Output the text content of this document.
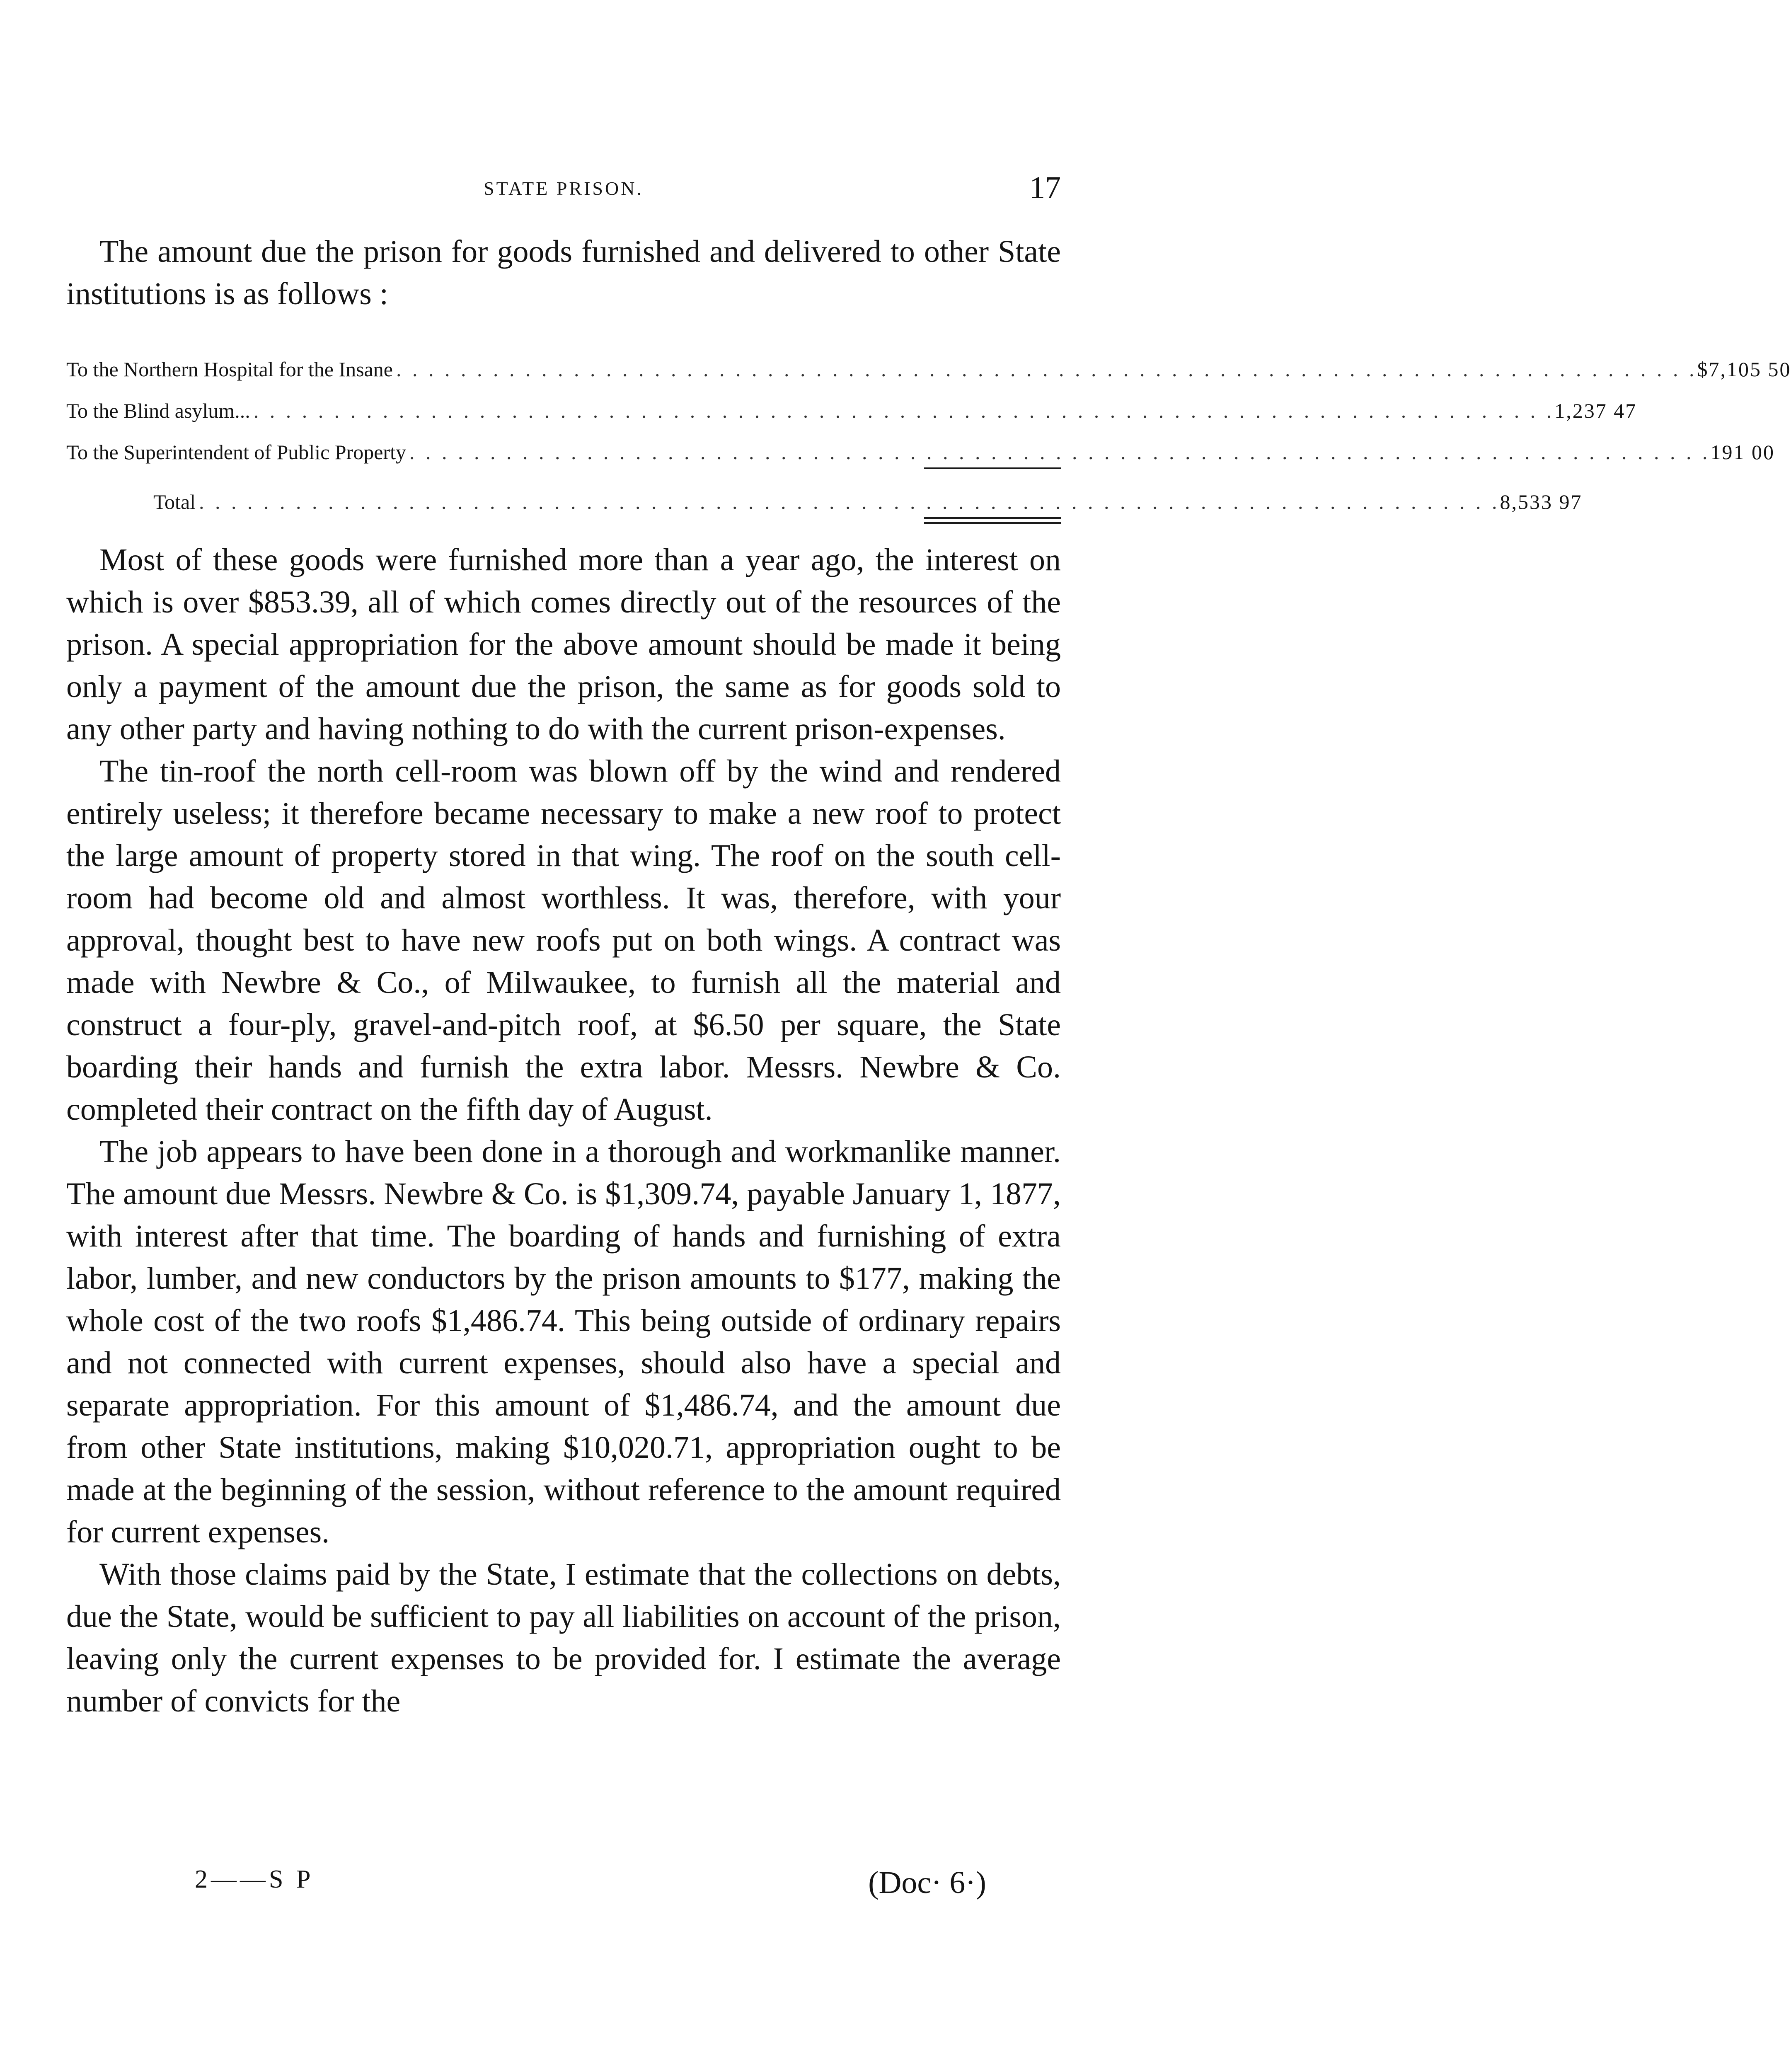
STATE PRISON.	17

The amount due the prison for goods furnished and delivered to other State institutions is as follows :

To the Northern Hospital for the Insane . . . . . . . . . . . . . . . . . . . . . . . . . . . . . . . . . . . . . . . . . . . . . . . . . . . . . . . . . . . . . . . . . . . . . . . . . . . . . . . . . $7,105 50
To the Blind asylum... . . . . . . . . . . . . . . . . . . . . . . . . . . . . . . . . . . . . . . . . . . . . . . . . . . . . . . . . . . . . . . . . . . . . . . . . . . . . . . . . . 1,237 47
To the Superintendent of Public Property . . . . . . . . . . . . . . . . . . . . . . . . . . . . . . . . . . . . . . . . . . . . . . . . . . . . . . . . . . . . . . . . . . . . . . . . . . . . . . . . . 191 00
Total . . . . . . . . . . . . . . . . . . . . . . . . . . . . . . . . . . . . . . . . . . . . . . . . . . . . . . . . . . . . . . . . . . . . . . . . . . . . . . . . . 8,533 97

Most of these goods were furnished more than a year ago, the interest on which is over $853.39, all of which comes directly out of the resources of the prison. A special appropriation for the above amount should be made it being only a payment of the amount due the prison, the same as for goods sold to any other party and having nothing to do with the current prison-expenses.

The tin-roof the north cell-room was blown off by the wind and rendered entirely useless; it therefore became necessary to make a new roof to protect the large amount of property stored in that wing. The roof on the south cell-room had become old and almost worthless. It was, therefore, with your approval, thought best to have new roofs put on both wings. A contract was made with Newbre & Co., of Milwaukee, to furnish all the material and construct a four-ply, gravel-and-pitch roof, at $6.50 per square, the State boarding their hands and furnish the extra labor. Messrs. Newbre & Co. completed their contract on the fifth day of August.

The job appears to have been done in a thorough and workmanlike manner. The amount due Messrs. Newbre & Co. is $1,309.74, payable January 1, 1877, with interest after that time. The boarding of hands and furnishing of extra labor, lumber, and new conductors by the prison amounts to $177, making the whole cost of the two roofs $1,486.74. This being outside of ordinary repairs and not connected with current expenses, should also have a special and separate appropriation. For this amount of $1,486.74, and the amount due from other State institutions, making $10,020.71, appropriation ought to be made at the beginning of the session, without reference to the amount required for current expenses.

With those claims paid by the State, I estimate that the collections on debts, due the State, would be sufficient to pay all liabilities on account of the prison, leaving only the current expenses to be provided for. I estimate the average number of convicts for the

2——S P	(Doc· 6·)
